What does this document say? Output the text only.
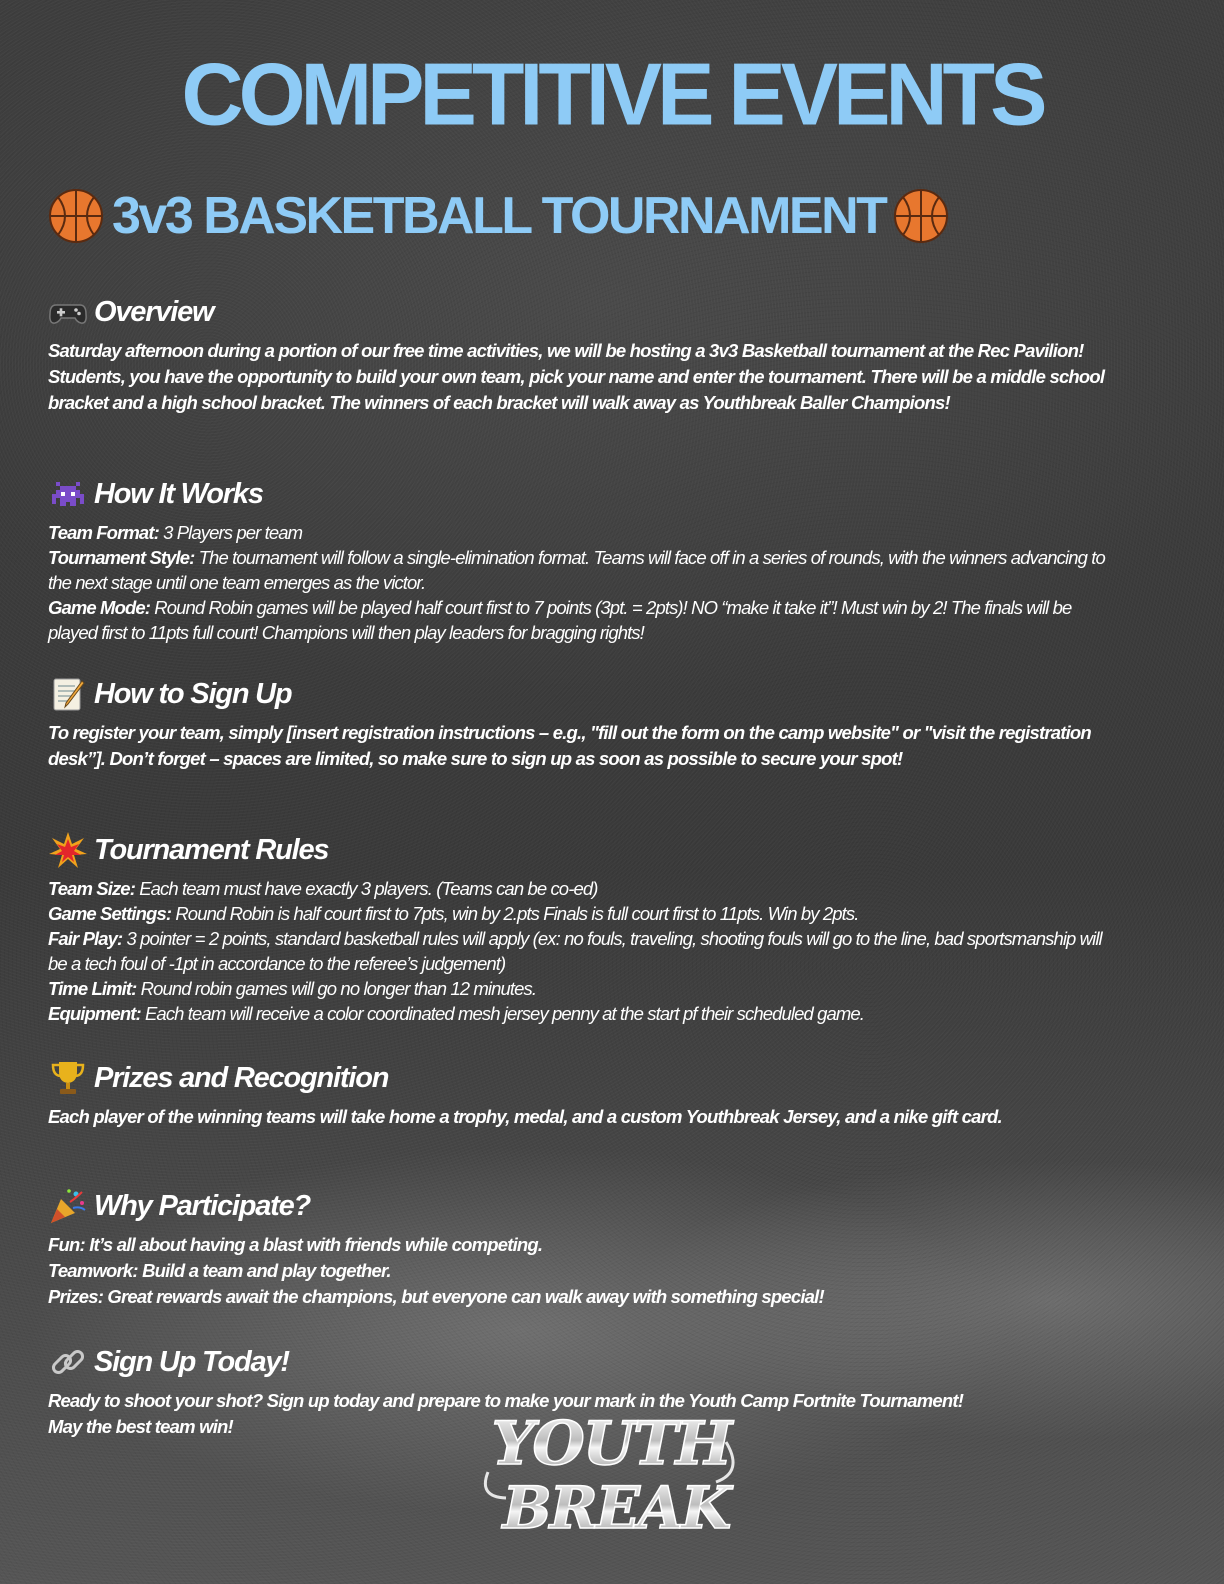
COMPETITIVE EVENTS
3v3 BASKETBALL TOURNAMENT
Overview

Saturday afternoon during a portion of our free time activities, we will be hosting a 3v3 Basketball tournament at the Rec Pavilion! Students, you have the opportunity to build your own team, pick your name and enter the tournament. There will be a middle school bracket and a high school bracket. The winners of each bracket will walk away as Youthbreak Baller Champions!

How It Works

Team Format: 3 Players per team

Tournament Style: The tournament will follow a single-elimination format. Teams will face off in a series of rounds, with the winners advancing to the next stage until one team emerges as the victor.

Game Mode: Round Robin games will be played half court first to 7 points (3pt. = 2pts)! NO “make it take it”! Must win by 2! The finals will be played first to 11pts full court! Champions will then play leaders for bragging rights!

How to Sign Up

To register your team, simply [insert registration instructions – e.g., "fill out the form on the camp website" or "visit the registration desk”]. Don’t forget – spaces are limited, so make sure to sign up as soon as possible to secure your spot!

Tournament Rules

Team Size: Each team must have exactly 3 players. (Teams can be co-ed)

Game Settings: Round Robin is half court first to 7pts, win by 2.pts Finals is full court first to 11pts. Win by 2pts.

Fair Play: 3 pointer = 2 points, standard basketball rules will apply (ex: no fouls, traveling, shooting fouls will go to the line, bad sportsmanship will be a tech foul of -1pt in accordance to the referee’s judgement)

Time Limit: Round robin games will go no longer than 12 minutes.

Equipment: Each team will receive a color coordinated mesh jersey penny at the start pf their scheduled game.

Prizes and Recognition

Each player of the winning teams will take home a trophy, medal, and a custom Youthbreak Jersey, and a nike gift card.

Why Participate?

Fun: It’s all about having a blast with friends while competing.

Teamwork: Build a team and play together.

Prizes: Great rewards await the champions, but everyone can walk away with something special!

Sign Up Today!

Ready to shoot your shot? Sign up today and prepare to make your mark in the Youth Camp Fortnite Tournament!

May the best team win!	YOUTH
BREAK
